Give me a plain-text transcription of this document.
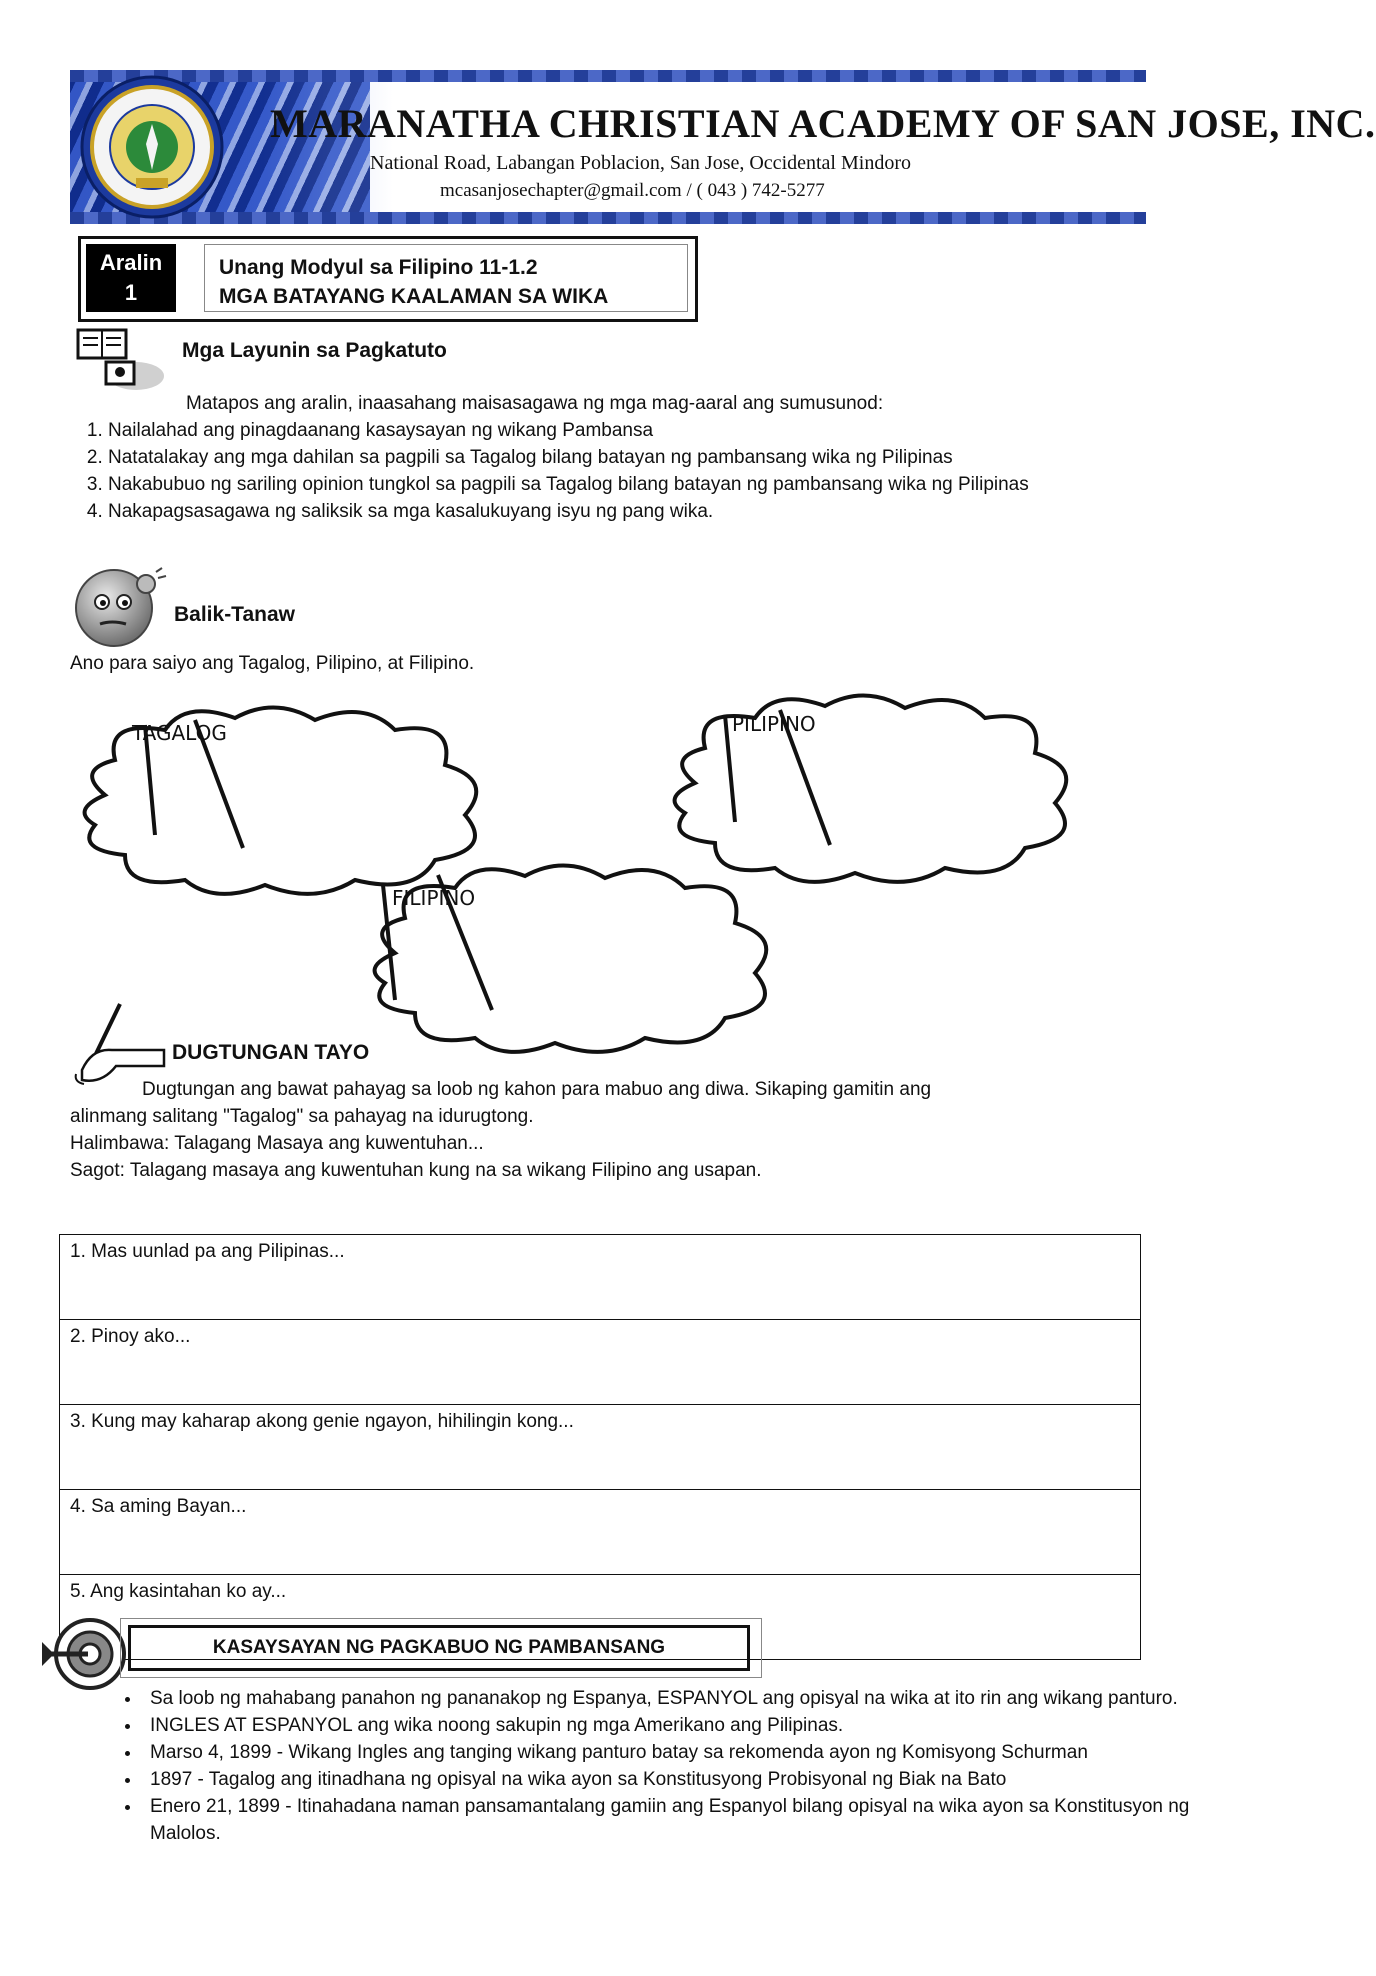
MARANATHA CHRISTIAN ACADEMY OF SAN JOSE, INC.
National Road, Labangan Poblacion, San Jose, Occidental Mindoro
mcasanjosechapter@gmail.com / ( 043 ) 742-5277
Aralin
1
Unang Modyul sa Filipino 11-1.2
MGA BATAYANG KAALAMAN SA WIKA
Mga Layunin sa Pagkatuto
Matapos ang aralin, inaasahang maisasagawa ng mga mag-aaral ang sumusunod:
1. Nailalahad ang pinagdaanang kasaysayan ng wikang Pambansa
2. Natatalakay ang mga dahilan sa pagpili sa Tagalog bilang batayan ng pambansang wika ng Pilipinas
3. Nakabubuo ng sariling opinion tungkol sa pagpili sa Tagalog bilang batayan ng pambansang wika ng Pilipinas
4. Nakapagsasagawa ng saliksik sa mga kasalukuyang isyu ng pang wika.
Balik-Tanaw
Ano para saiyo ang Tagalog, Pilipino, at Filipino.
TAGALOG	PILIPINO
FILIPINO
DUGTUNGAN TAYO
Dugtungan ang bawat pahayag sa loob ng kahon para mabuo ang diwa. Sikaping gamitin ang
alinmang salitang "Tagalog" sa pahayag na idurugtong.
Halimbawa: Talagang Masaya ang kuwentuhan...
Sagot: Talagang masaya ang kuwentuhan kung na sa wikang Filipino ang usapan.
1. Mas uunlad pa ang Pilipinas...
2. Pinoy ako...
3. Kung may kaharap akong genie ngayon, hihilingin kong...
4. Sa aming Bayan...
5. Ang kasintahan ko ay...
KASAYSAYAN NG PAGKABUO NG PAMBANSANG
• Sa loob ng mahabang panahon ng pananakop ng Espanya, ESPANYOL ang opisyal na wika at ito rin ang wikang panturo.
• INGLES AT ESPANYOL ang wika noong sakupin ng mga Amerikano ang Pilipinas.
• Marso 4, 1899 - Wikang Ingles ang tanging wikang panturo batay sa rekomenda ayon ng Komisyong Schurman
• 1897 - Tagalog ang itinadhana ng opisyal na wika ayon sa Konstitusyong Probisyonal ng Biak na Bato
• Enero 21, 1899 - Itinahadana naman pansamantalang gamiin ang Espanyol bilang opisyal na wika ayon sa Konstitusyon ng Malolos.
